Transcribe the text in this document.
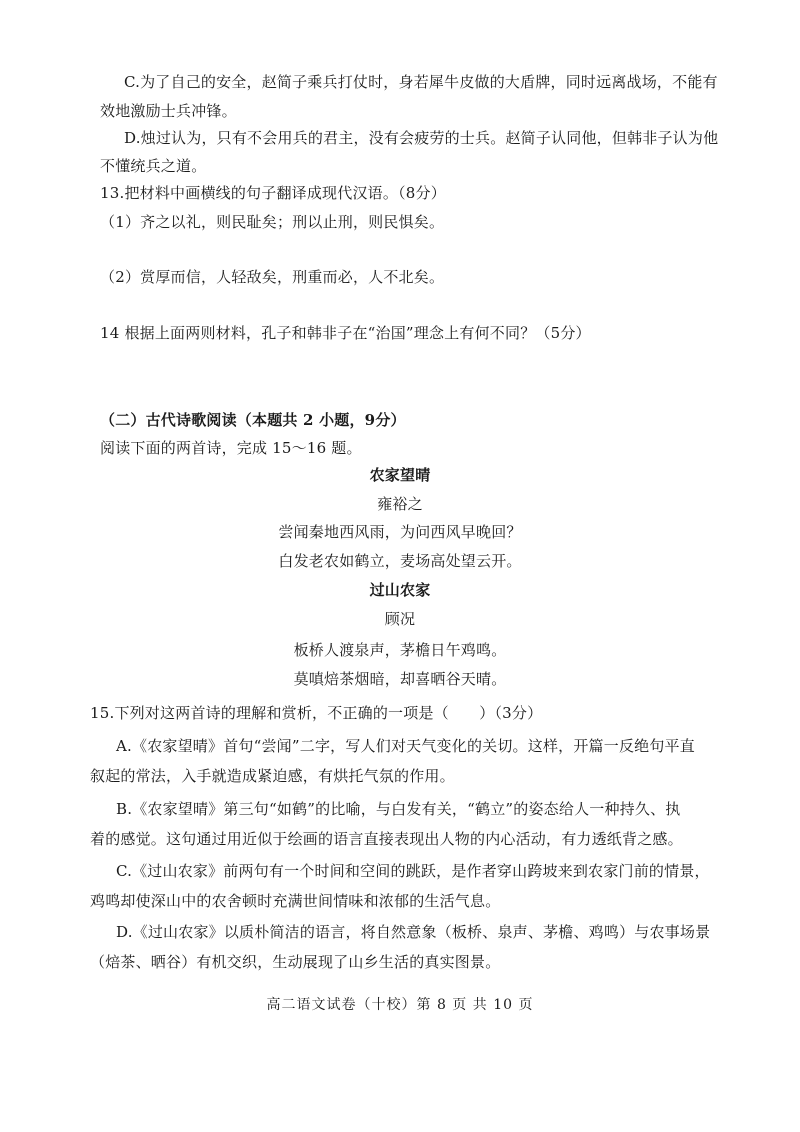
C.为了自己的安全，赵简子乘兵打仗时，身若犀牛皮做的大盾牌，同时远离战场，不能有
效地激励士兵冲锋。
D.烛过认为，只有不会用兵的君主，没有会疲劳的士兵。赵简子认同他，但韩非子认为他
不懂统兵之道。
13.把材料中画横线的句子翻译成现代汉语。（8分）
（1）齐之以礼，则民耻矣；刑以止刑，则民惧矣。
（2）赏厚而信，人轻敌矣，刑重而必，人不北矣。
14 根据上面两则材料，孔子和韩非子在“治国”理念上有何不同？（5分）
（二）古代诗歌阅读（本题共 2 小题，9分）
阅读下面的两首诗，完成 15～16 题。
农家望晴
雍裕之
尝闻秦地西风雨，为问西风早晚回？
白发老农如鹤立，麦场高处望云开。
过山农家
顾况
板桥人渡泉声，茅檐日午鸡鸣。
莫嗔焙茶烟暗，却喜晒谷天晴。
15.下列对这两首诗的理解和赏析，不正确的一项是（　　）（3分）
A.《农家望晴》首句“尝闻”二字，写人们对天气变化的关切。这样，开篇一反绝句平直
叙起的常法，入手就造成紧迫感，有烘托气氛的作用。
B.《农家望晴》第三句“如鹤”的比喻，与白发有关，“鹤立”的姿态给人一种持久、执
着的感觉。这句通过用近似于绘画的语言直接表现出人物的内心活动，有力透纸背之感。
C.《过山农家》前两句有一个时间和空间的跳跃，是作者穿山跨坡来到农家门前的情景，
鸡鸣却使深山中的农舍顿时充满世间情味和浓郁的生活气息。
D.《过山农家》以质朴简洁的语言，将自然意象（板桥、泉声、茅檐、鸡鸣）与农事场景
（焙茶、晒谷）有机交织，生动展现了山乡生活的真实图景。
高二语文试卷（十校）第 8 页 共 10 页
